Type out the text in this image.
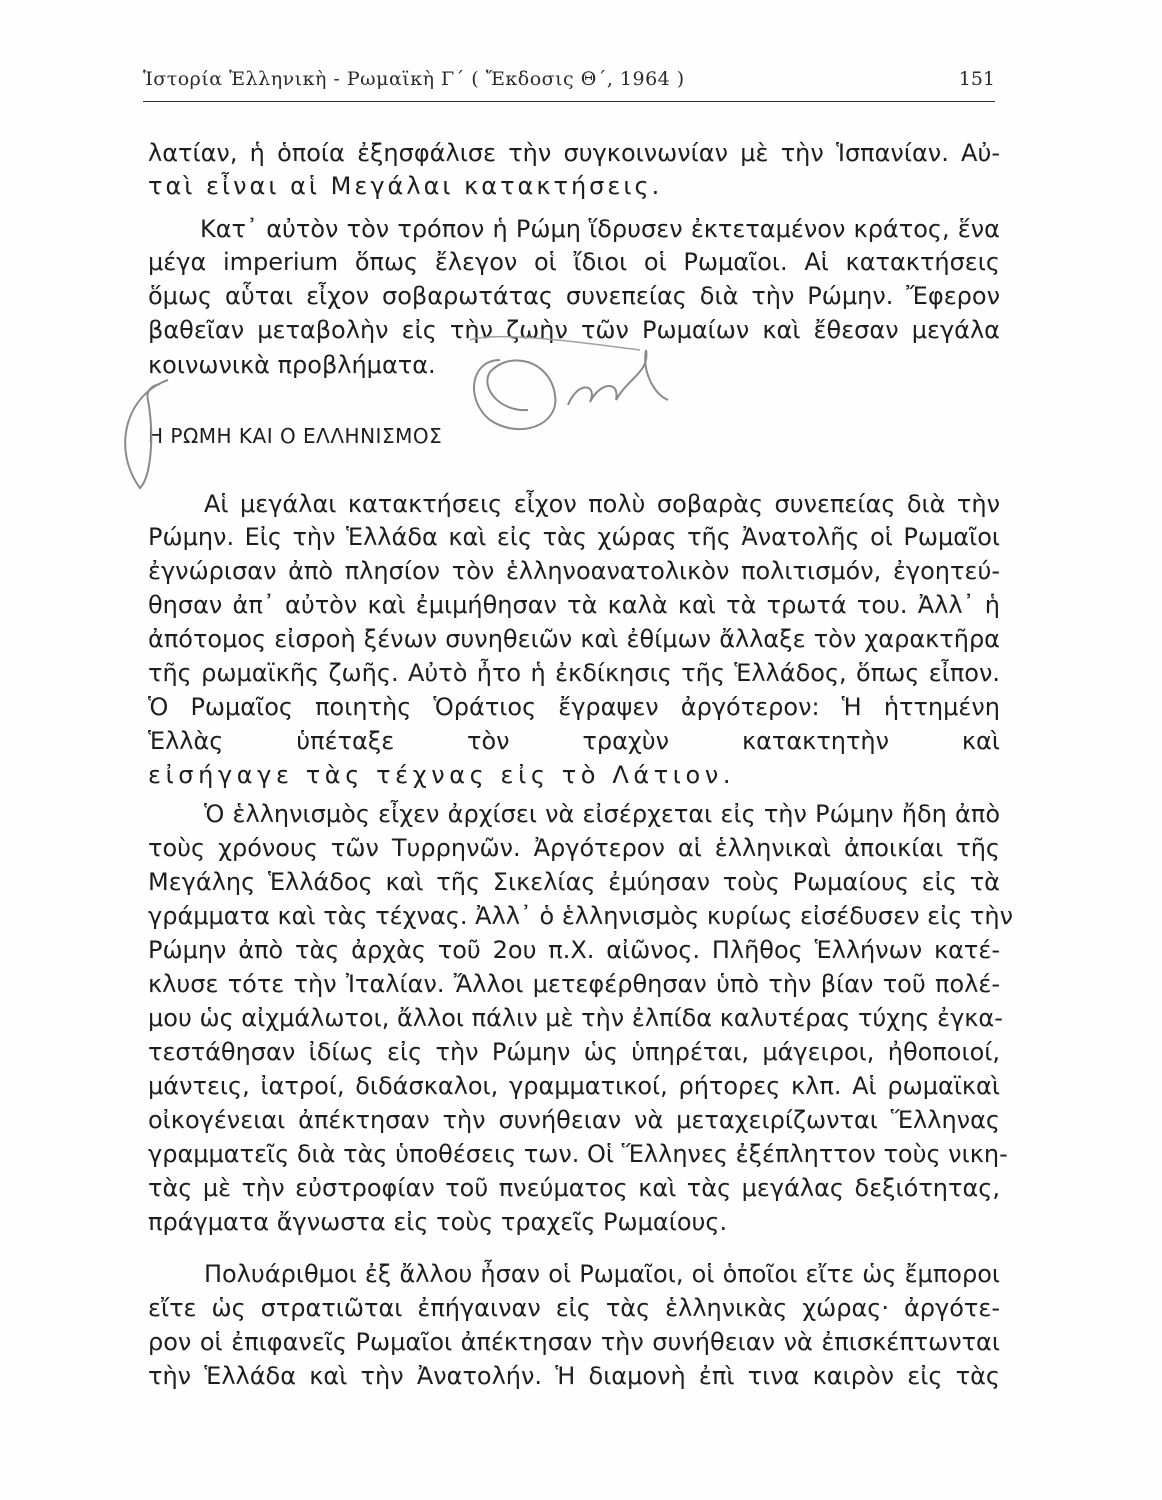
Ἱστορία Ἑλληνικὴ - Ρωμαϊκὴ Γ΄ ( Ἔκδοσις Θ΄, 1964 )	151
λατίαν, ἡ ὁποία ἐξησφάλισε τὴν συγκοινωνίαν μὲ τὴν Ἱσπανίαν. Αὐ-
ταὶ εἶναι αἱ Μεγάλαι κατακτήσεις.
Κατ᾽ αὐτὸν τὸν τρόπον ἡ Ρώμη ἵδρυσεν ἐκτεταμένον κράτος, ἕνα
μέγα imperium ὅπως ἔλεγον οἱ ἴδιοι οἱ Ρωμαῖοι. Αἱ κατακτήσεις
ὅμως αὗται εἶχον σοβαρωτάτας συνεπείας διὰ τὴν Ρώμην. Ἔφερον
βαθεῖαν μεταβολὴν εἰς τὴν ζωὴν τῶν Ρωμαίων καὶ ἔθεσαν μεγάλα
κοινωνικὰ προβλήματα.
Η ΡΩΜΗ ΚΑΙ Ο ΕΛΛΗΝΙΣΜΟΣ
Αἱ μεγάλαι κατακτήσεις εἶχον πολὺ σοβαρὰς συνεπείας διὰ τὴν
Ρώμην. Εἰς τὴν Ἑλλάδα καὶ εἰς τὰς χώρας τῆς Ἀνατολῆς οἱ Ρωμαῖοι
ἐγνώρισαν ἀπὸ πλησίον τὸν ἑλληνοανατολικὸν πολιτισμόν, ἐγοητεύ-
θησαν ἀπ᾽ αὐτὸν καὶ ἐμιμήθησαν τὰ καλὰ καὶ τὰ τρωτά του. Ἀλλ᾽ ἡ
ἀπότομος εἰσροὴ ξένων συνηθειῶν καὶ ἐθίμων ἄλλαξε τὸν χαρακτῆρα
τῆς ρωμαϊκῆς ζωῆς. Αὐτὸ ἦτο ἡ ἐκδίκησις τῆς Ἑλλάδος, ὅπως εἶπον.
Ὁ Ρωμαῖος ποιητὴς Ὁράτιος ἔγραψεν ἀργότερον: Ἡ ἡττημένη
Ἑλλὰς ὑπέταξε τὸν τραχὺν κατακτητὴν καὶ
εἰσήγαγε τὰς τέχνας εἰς τὸ Λάτιον.
Ὁ ἑλληνισμὸς εἶχεν ἀρχίσει νὰ εἰσέρχεται εἰς τὴν Ρώμην ἤδη ἀπὸ
τοὺς χρόνους τῶν Τυρρηνῶν. Ἀργότερον αἱ ἑλληνικαὶ ἀποικίαι τῆς
Μεγάλης Ἑλλάδος καὶ τῆς Σικελίας ἐμύησαν τοὺς Ρωμαίους εἰς τὰ
γράμματα καὶ τὰς τέχνας. Ἀλλ᾽ ὁ ἑλληνισμὸς κυρίως εἰσέδυσεν εἰς τὴν
Ρώμην ἀπὸ τὰς ἀρχὰς τοῦ 2ου π.Χ. αἰῶνος. Πλῆθος Ἑλλήνων κατέ-
κλυσε τότε τὴν Ἰταλίαν. Ἄλλοι μετεφέρθησαν ὑπὸ τὴν βίαν τοῦ πολέ-
μου ὡς αἰχμάλωτοι, ἄλλοι πάλιν μὲ τὴν ἐλπίδα καλυτέρας τύχης ἐγκα-
τεστάθησαν ἰδίως εἰς τὴν Ρώμην ὡς ὑπηρέται, μάγειροι, ἠθοποιοί,
μάντεις, ἰατροί, διδάσκαλοι, γραμματικοί, ρήτορες κλπ. Αἱ ρωμαϊκαὶ
οἰκογένειαι ἀπέκτησαν τὴν συνήθειαν νὰ μεταχειρίζωνται Ἕλληνας
γραμματεῖς διὰ τὰς ὑποθέσεις των. Οἱ Ἕλληνες ἐξέπληττον τοὺς νικη-
τὰς μὲ τὴν εὐστροφίαν τοῦ πνεύματος καὶ τὰς μεγάλας δεξιότητας,
πράγματα ἄγνωστα εἰς τοὺς τραχεῖς Ρωμαίους.
Πολυάριθμοι ἐξ ἄλλου ἦσαν οἱ Ρωμαῖοι, οἱ ὁποῖοι εἴτε ὡς ἔμποροι
εἴτε ὡς στρατιῶται ἐπήγαιναν εἰς τὰς ἑλληνικὰς χώρας· ἀργότε-
ρον οἱ ἐπιφανεῖς Ρωμαῖοι ἀπέκτησαν τὴν συνήθειαν νὰ ἐπισκέπτωνται
τὴν Ἑλλάδα καὶ τὴν Ἀνατολήν. Ἡ διαμονὴ ἐπὶ τινα καιρὸν εἰς τὰς
